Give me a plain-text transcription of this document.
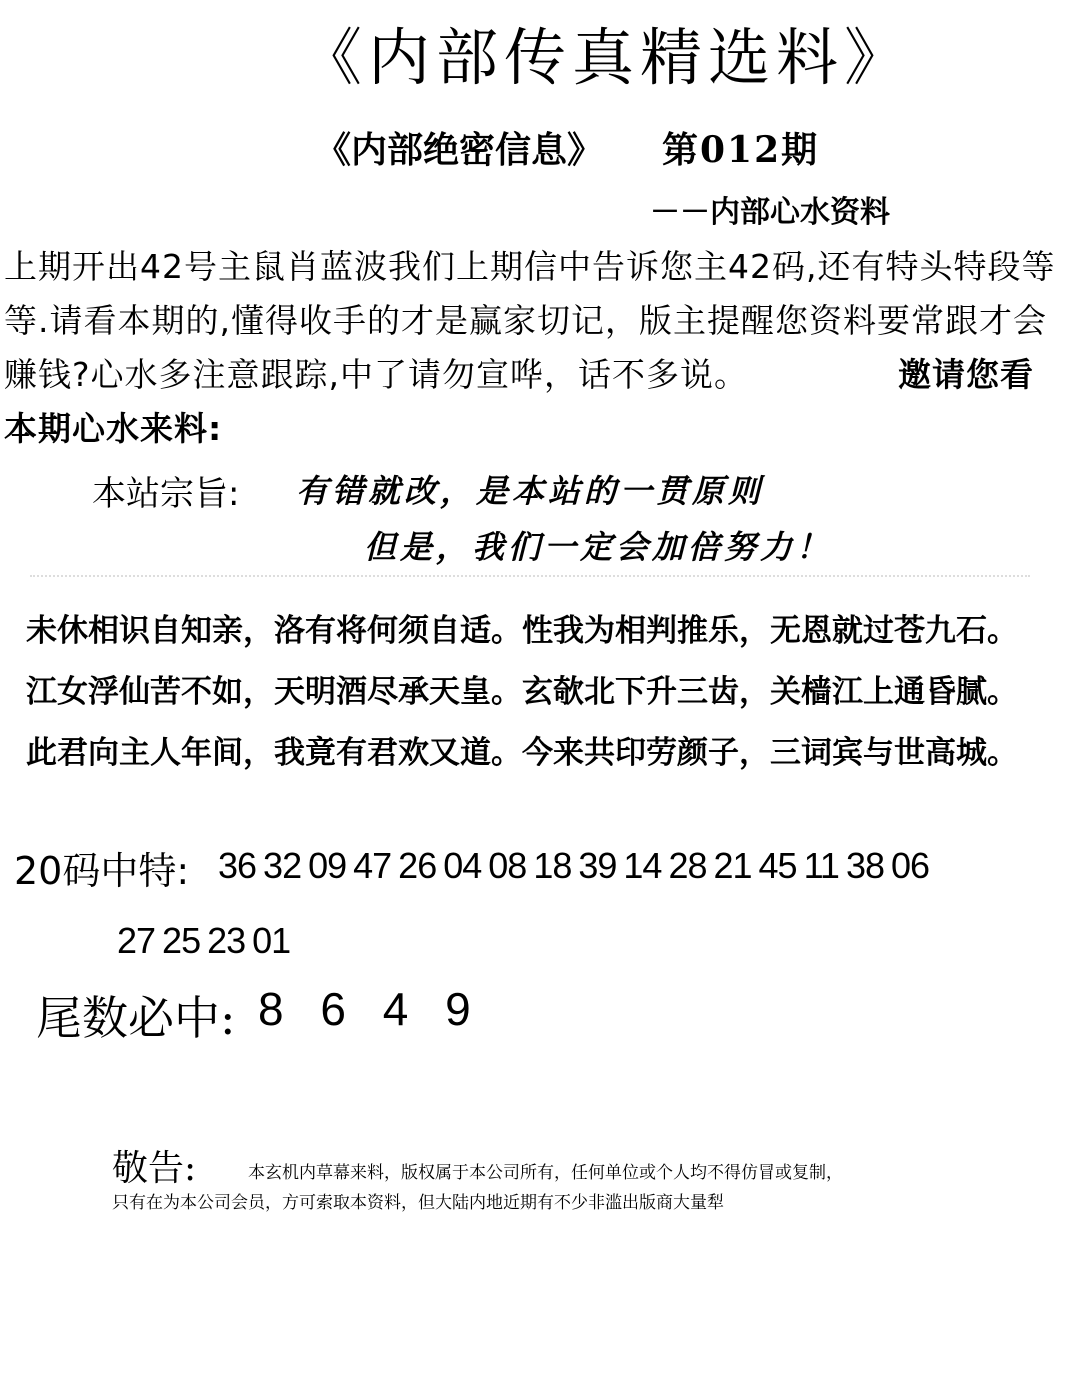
《内部传真精选料》
《内部绝密信息》 第012期
－－内部心水资料
上期开出42号主鼠肖蓝波我们上期信中告诉您主42码,还有特头特段等等.请看本期的,懂得收手的才是赢家切记，版主提醒您资料要常跟才会赚钱?心水多注意跟踪,中了请勿宣哗，话不多说。	邀请您看本期心水来料:
本站宗旨: 有错就改，是本站的一贯原则
但是，我们一定会加倍努力！
未休相识自知亲，洛有将何须自适。性我为相判推乐，无恩就过苍九石。
江女浮仙苦不如，天明酒尽承天皇。玄欹北下升三齿，关樯江上通昏腻。
此君向主人年间，我竟有君欢又道。今来共印劳颜子，三词宾与世高城。
20码中特: 36 32 09 47 26 04 08 18 39 14 28 21 45 11 38 06
27 25 23 01
尾数必中: 8 6 4 9
敬告:	本玄机内草幕来料，版权属于本公司所有，任何单位或个人均不得仿冒或复制，
只有在为本公司会员，方可索取本资料，但大陆内地近期有不少非滥出版商大量犁
